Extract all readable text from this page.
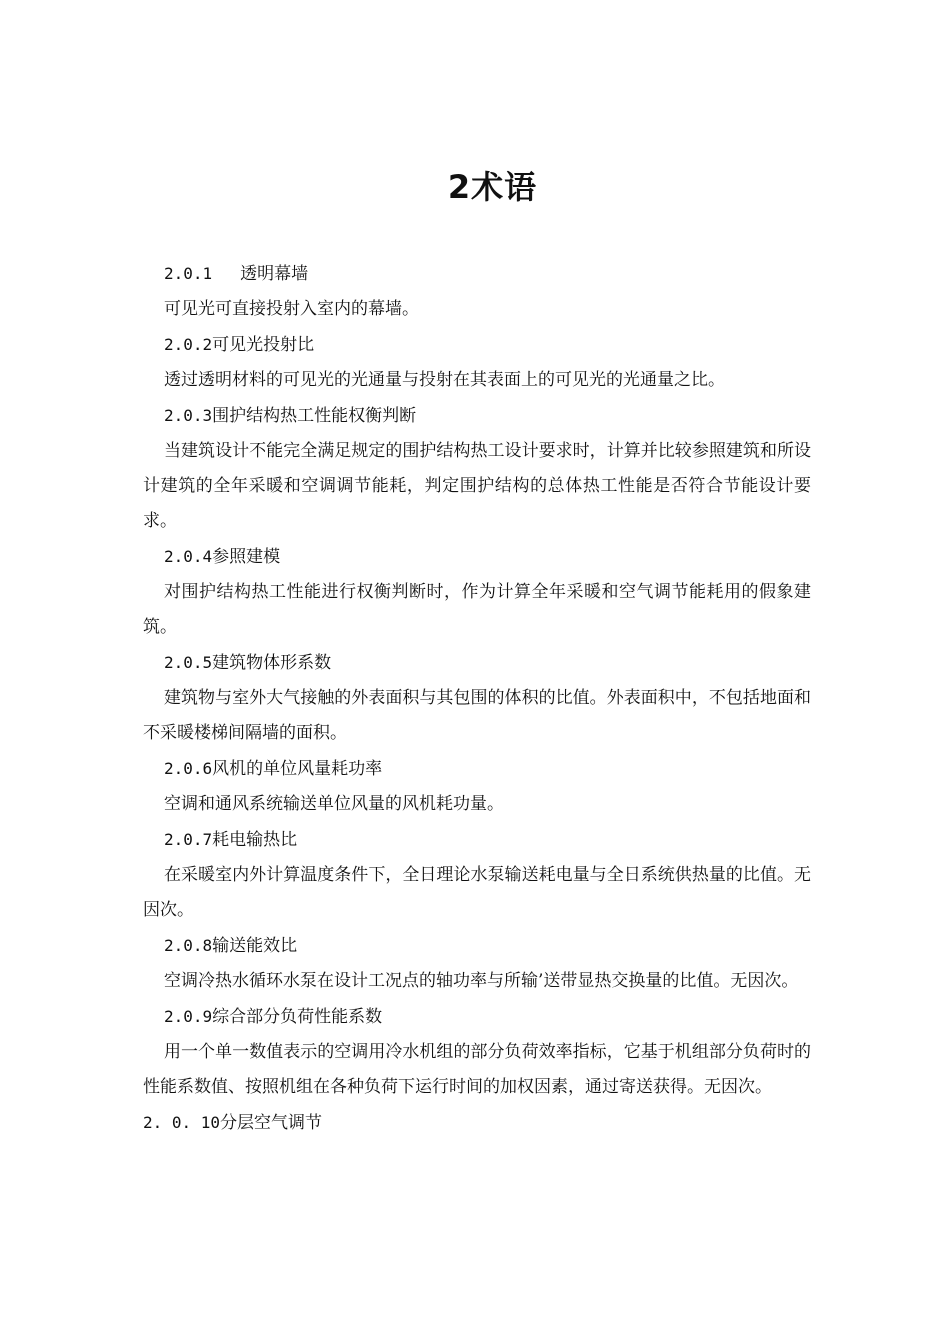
2术语
2.0.1 透明幕墙

可见光可直接投射入室内的幕墙。

2.0.2可见光投射比

透过透明材料的可见光的光通量与投射在其表面上的可见光的光通量之比。

2.0.3围护结构热工性能权衡判断

当建筑设计不能完全满足规定的围护结构热工设计要求时，计算并比较参照建筑和所设计建筑的全年采暖和空调调节能耗，判定围护结构的总体热工性能是否符合节能设计要求。

2.0.4参照建模

对围护结构热工性能进行权衡判断时，作为计算全年采暖和空气调节能耗用的假象建筑。

2.0.5建筑物体形系数

建筑物与室外大气接触的外表面积与其包围的体积的比值。外表面积中，不包括地面和不采暖楼梯间隔墙的面积。

2.0.6风机的单位风量耗功率

空调和通风系统输送单位风量的风机耗功量。

2.0.7耗电输热比

在采暖室内外计算温度条件下，全日理论水泵输送耗电量与全日系统供热量的比值。无因次。

2.0.8输送能效比

空调冷热水循环水泵在设计工况点的轴功率与所输’送带显热交换量的比值。无因次。

2.0.9综合部分负荷性能系数

用一个单一数值表示的空调用冷水机组的部分负荷效率指标，它基于机组部分负荷时的性能系数值、按照机组在各种负荷下运行时间的加权因素，通过寄送获得。无因次。

2. 0. 10分层空气调节
